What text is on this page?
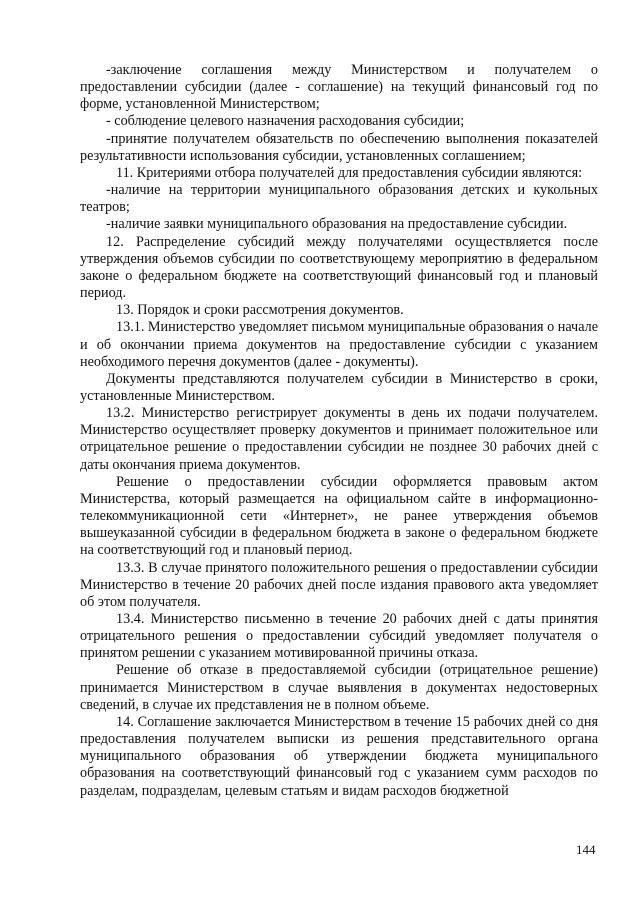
-заключение соглашения между Министерством и получателем о предоставлении субсидии (далее - соглашение) на текущий финансовый год по форме, установленной Министерством;

- соблюдение целевого назначения расходования субсидии;

-принятие получателем обязательств по обеспечению выполнения показателей результативности использования субсидии, установленных соглашением;

11. Критериями отбора получателей для предоставления субсидии являются:

-наличие на территории муниципального образования детских и кукольных театров;

-наличие заявки муниципального образования на предоставление субсидии.

12. Распределение субсидий между получателями осуществляется после утверждения объемов субсидии по соответствующему мероприятию в федеральном законе о федеральном бюджете на соответствующий финансовый год и плановый период.

13. Порядок и сроки рассмотрения документов.

13.1. Министерство уведомляет письмом муниципальные образования о начале и об окончании приема документов на предоставление субсидии с указанием необходимого перечня документов (далее - документы).

Документы представляются получателем субсидии в Министерство в сроки, установленные Министерством.

13.2. Министерство регистрирует документы в день их подачи получателем. Министерство осуществляет проверку документов и принимает положительное или отрицательное решение о предоставлении субсидии не позднее 30 рабочих дней с даты окончания приема документов.

Решение о предоставлении субсидии оформляется правовым актом Министерства, который размещается на официальном сайте в информационно-телекоммуникационной сети «Интернет», не ранее утверждения объемов вышеуказанной субсидии в федеральном бюджета в законе о федеральном бюджете на соответствующий год и плановый период.

13.3. В случае принятого положительного решения о предоставлении субсидии Министерство в течение 20 рабочих дней после издания правового акта уведомляет об этом получателя.

13.4. Министерство письменно в течение 20 рабочих дней с даты принятия отрицательного решения о предоставлении субсидий уведомляет получателя о принятом решении с указанием мотивированной причины отказа.

Решение об отказе в предоставляемой субсидии (отрицательное решение) принимается Министерством в случае выявления в документах недостоверных сведений, в случае их представления не в полном объеме.

14. Соглашение заключается Министерством в течение 15 рабочих дней со дня предоставления получателем выписки из решения представительного органа муниципального образования об утверждении бюджета муниципального образования на соответствующий финансовый год с указанием сумм расходов по разделам, подразделам, целевым статьям и видам расходов бюджетной

144
